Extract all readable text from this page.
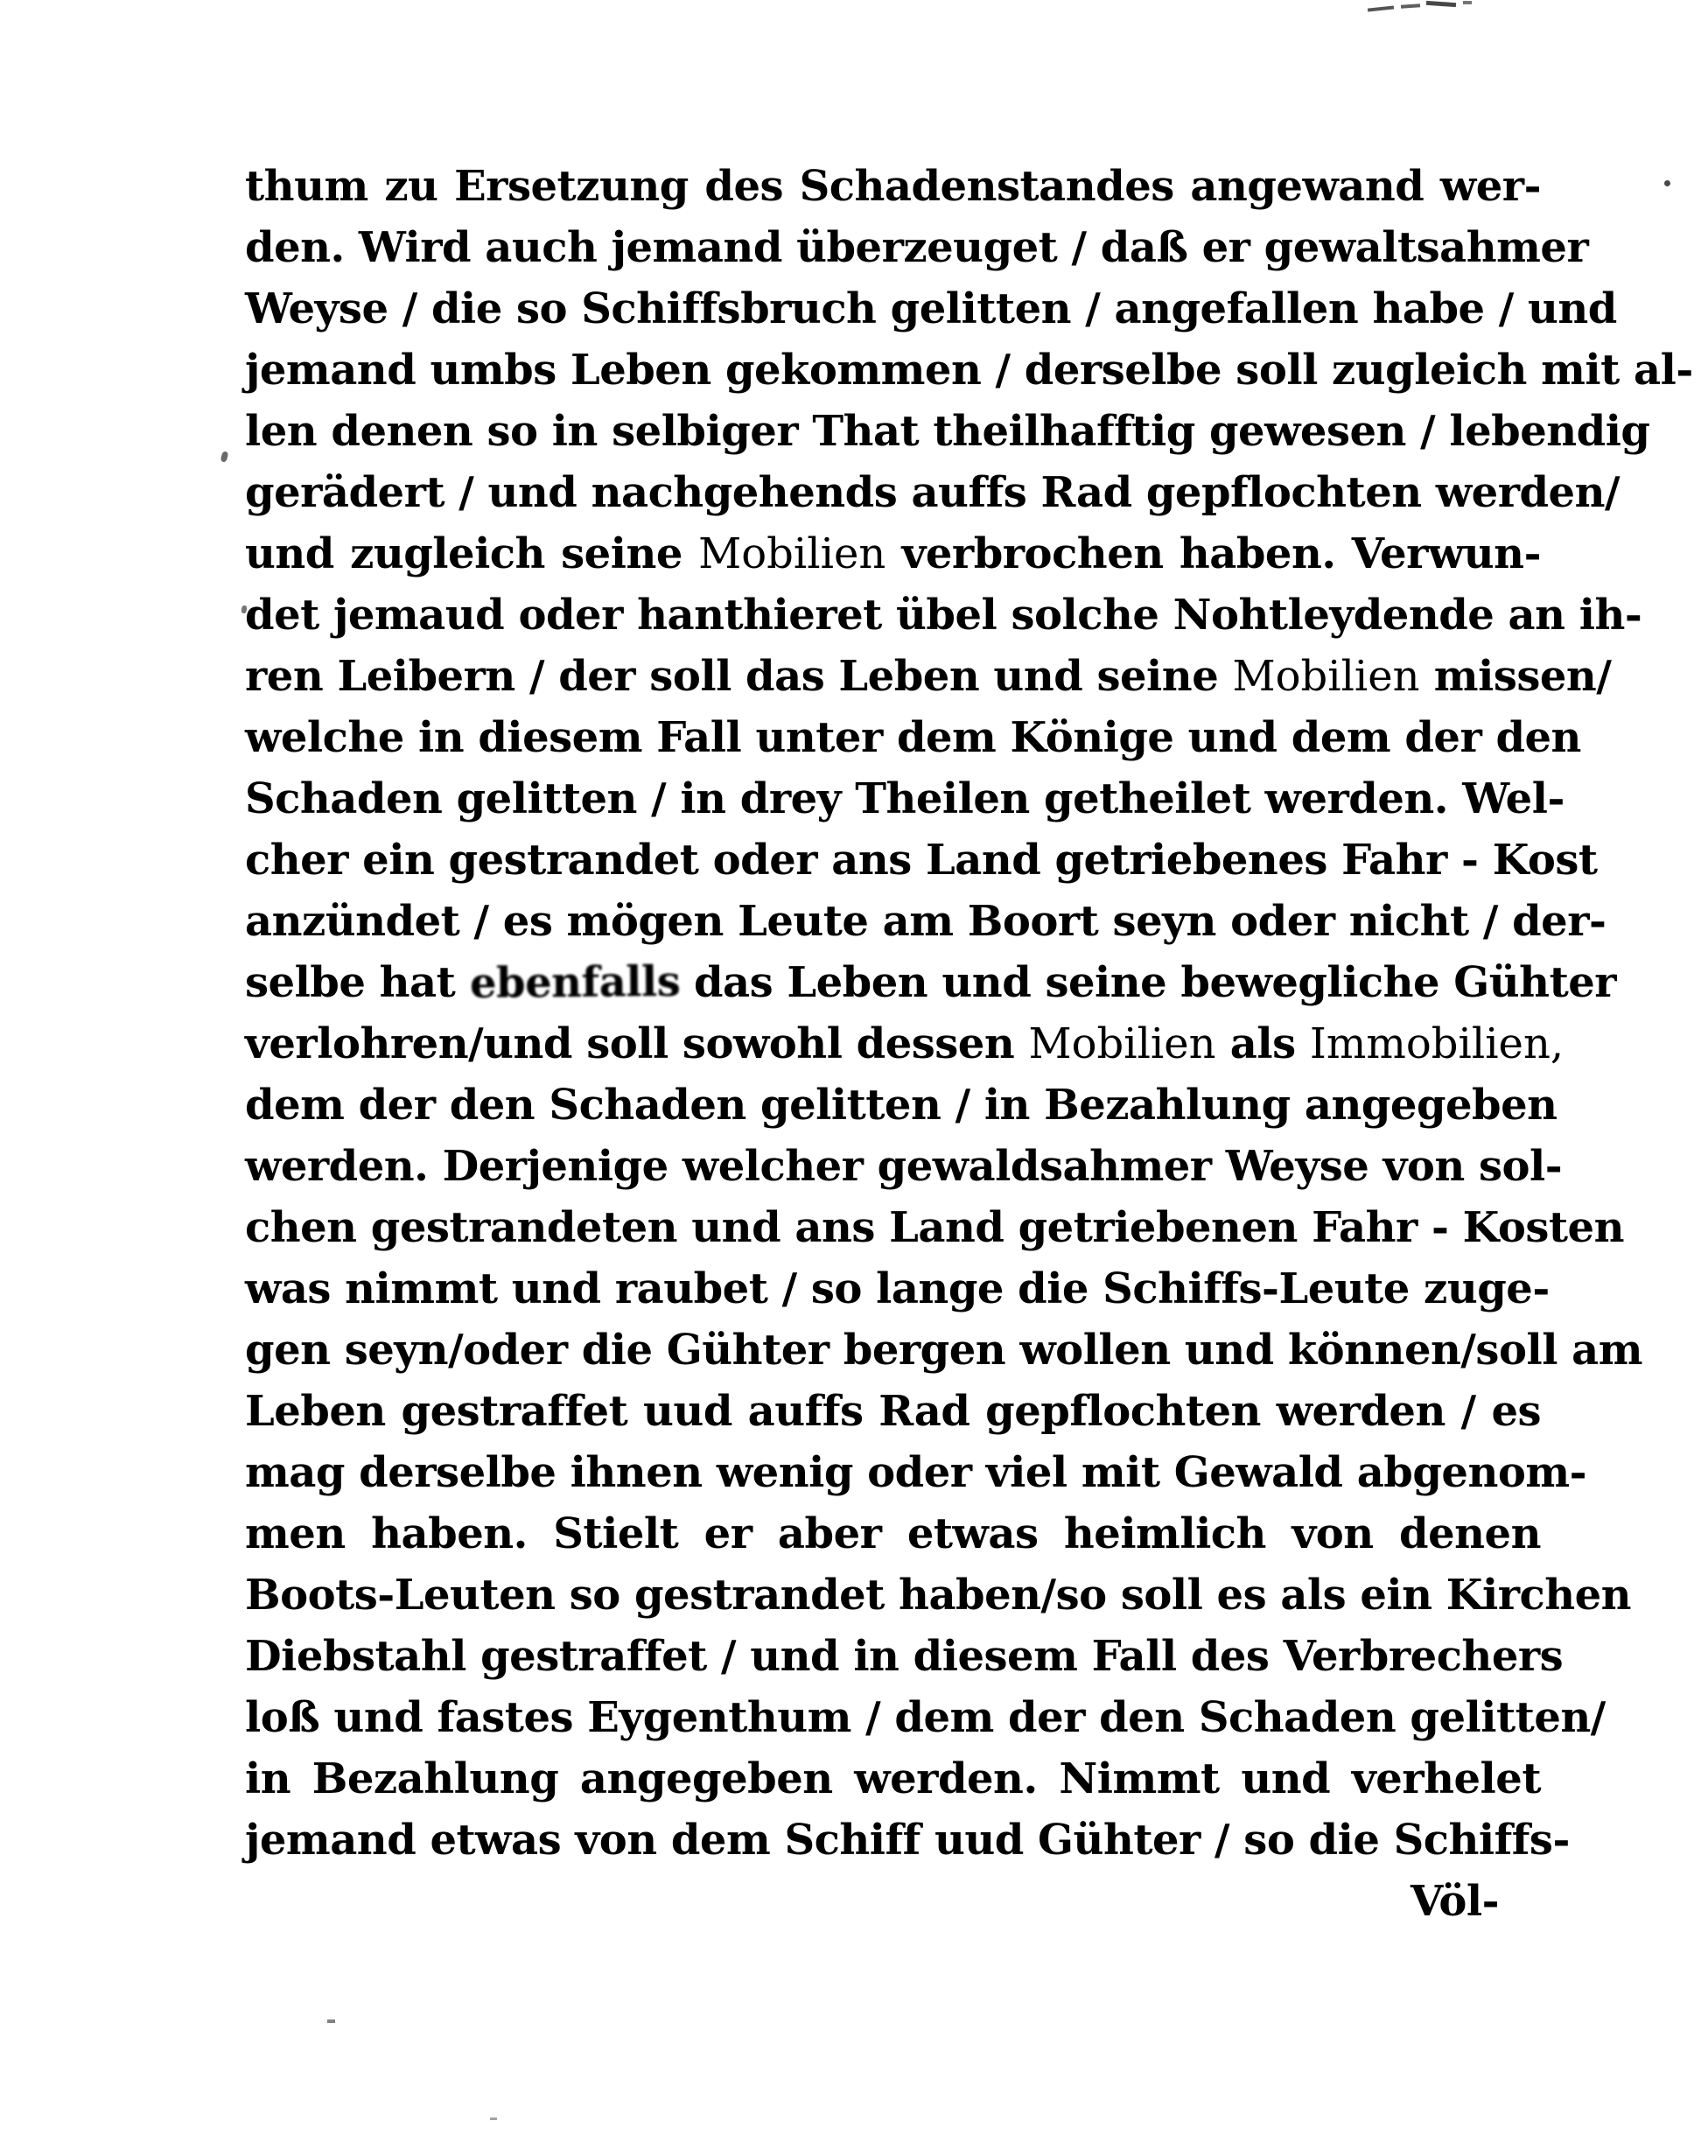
thum zu Ersetzung des Schadenstandes angewand wer-
den. Wird auch jemand überzeuget / daß er gewaltsahmer
Weyse / die so Schiffsbruch gelitten / angefallen habe / und
jemand umbs Leben gekommen / derselbe soll zugleich mit al-
len denen so in selbiger That theilhafftig gewesen / lebendig
gerädert / und nachgehends auffs Rad gepflochten werden/
und zugleich seine Mobilien verbrochen haben. Verwun-
det jemaud oder hanthieret übel solche Nohtleydende an ih-
ren Leibern / der soll das Leben und seine Mobilien missen/
welche in diesem Fall unter dem Könige und dem der den
Schaden gelitten / in drey Theilen getheilet werden. Wel-
cher ein gestrandet oder ans Land getriebenes Fahr - Kost
anzündet / es mögen Leute am Boort seyn oder nicht / der-
selbe hat ebenfalls das Leben und seine bewegliche Gühter
verlohren/und soll sowohl dessen Mobilien als Immobilien,
dem der den Schaden gelitten / in Bezahlung angegeben
werden. Derjenige welcher gewaldsahmer Weyse von sol-
chen gestrandeten und ans Land getriebenen Fahr - Kosten
was nimmt und raubet / so lange die Schiffs-Leute zuge-
gen seyn/oder die Gühter bergen wollen und können/soll am
Leben gestraffet uud auffs Rad gepflochten werden / es
mag derselbe ihnen wenig oder viel mit Gewald abgenom-
men haben. Stielt er aber etwas heimlich von denen
Boots-Leuten so gestrandet haben/so soll es als ein Kirchen
Diebstahl gestraffet / und in diesem Fall des Verbrechers
loß und fastes Eygenthum / dem der den Schaden gelitten/
in Bezahlung angegeben werden. Nimmt und verhelet
jemand etwas von dem Schiff uud Gühter / so die Schiffs-
Völ-
